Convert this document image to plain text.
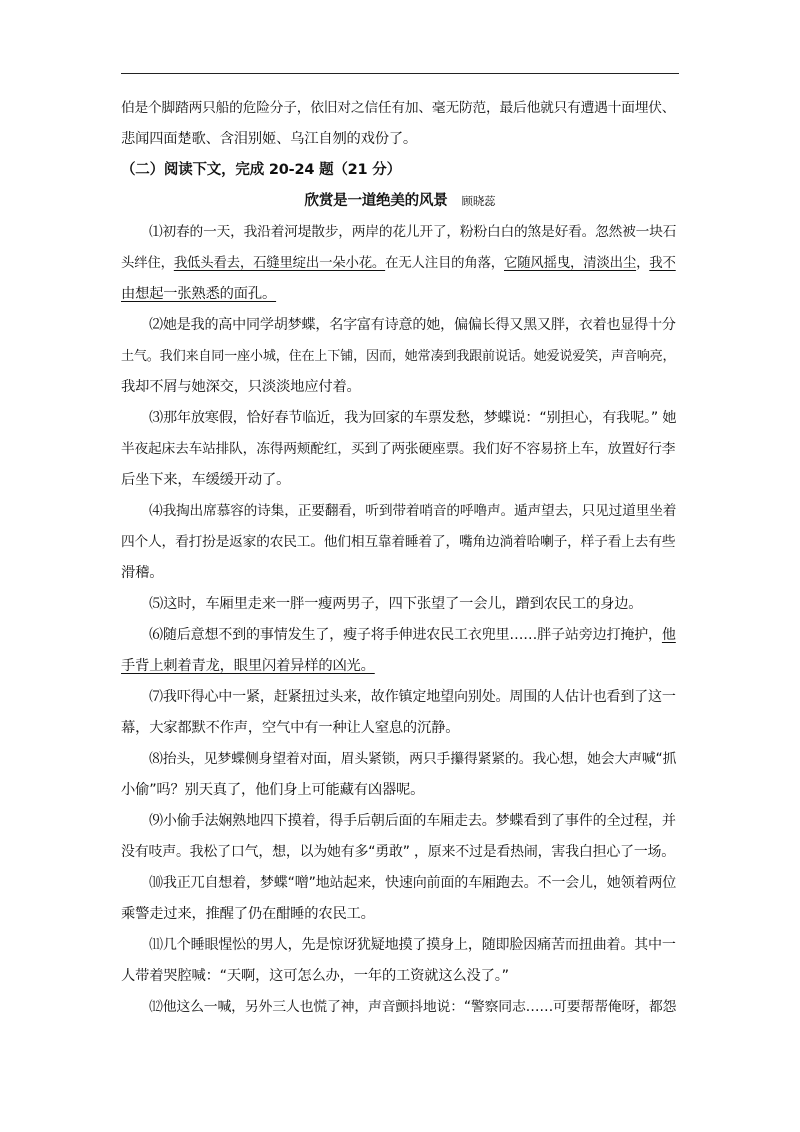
伯是个脚踏两只船的危险分子，依旧对之信任有加、毫无防范，最后他就只有遭遇十面埋伏、
悲闻四面楚歌、含泪别姬、乌江自刎的戏份了。
（二）阅读下文，完成 20-24 题（21 分）
欣赏是一道绝美的风景 顾晓蕊
⑴初春的一天，我沿着河堤散步，两岸的花儿开了，粉粉白白的煞是好看。忽然被一块石
头绊住，我低头看去，石缝里绽出一朵小花。在无人注目的角落，它随风摇曳，清淡出尘，我不
由想起一张熟悉的面孔。
⑵她是我的高中同学胡梦蝶，名字富有诗意的她，偏偏长得又黑又胖，衣着也显得十分
土气。我们来自同一座小城，住在上下铺，因而，她常凑到我跟前说话。她爱说爱笑，声音响亮，
我却不屑与她深交，只淡淡地应付着。
⑶那年放寒假，恰好春节临近，我为回家的车票发愁，梦蝶说：“别担心，有我呢。” 她
半夜起床去车站排队，冻得两颊酡红，买到了两张硬座票。我们好不容易挤上车，放置好行李
后坐下来，车缓缓开动了。
⑷我掏出席慕容的诗集，正要翻看，听到带着哨音的呼噜声。遁声望去，只见过道里坐着
四个人，看打扮是返家的农民工。他们相互靠着睡着了，嘴角边淌着哈喇子，样子看上去有些
滑稽。
⑸这时，车厢里走来一胖一瘦两男子，四下张望了一会儿，蹭到农民工的身边。
⑹随后意想不到的事情发生了，瘦子将手伸进农民工衣兜里……胖子站旁边打掩护，他
手背上刺着青龙，眼里闪着异样的凶光。
⑺我吓得心中一紧，赶紧扭过头来，故作镇定地望向别处。周围的人估计也看到了这一
幕，大家都默不作声，空气中有一种让人窒息的沉静。
⑻抬头，见梦蝶侧身望着对面，眉头紧锁，两只手攥得紧紧的。我心想，她会大声喊“抓
小偷”吗？别天真了，他们身上可能藏有凶器呢。
⑼小偷手法娴熟地四下摸着，得手后朝后面的车厢走去。梦蝶看到了事件的全过程，并
没有吱声。我松了口气，想，以为她有多“勇敢” ，原来不过是看热闹，害我白担心了一场。
⑽我正兀自想着，梦蝶“噌”地站起来，快速向前面的车厢跑去。不一会儿，她领着两位
乘警走过来，推醒了仍在酣睡的农民工。
⑾几个睡眼惺忪的男人，先是惊讶犹疑地摸了摸身上，随即脸因痛苦而扭曲着。其中一
人带着哭腔喊：“天啊，这可怎么办，一年的工资就这么没了。”
⑿他这么一喊，另外三人也慌了神，声音颤抖地说：“警察同志……可要帮帮俺呀，都怨
